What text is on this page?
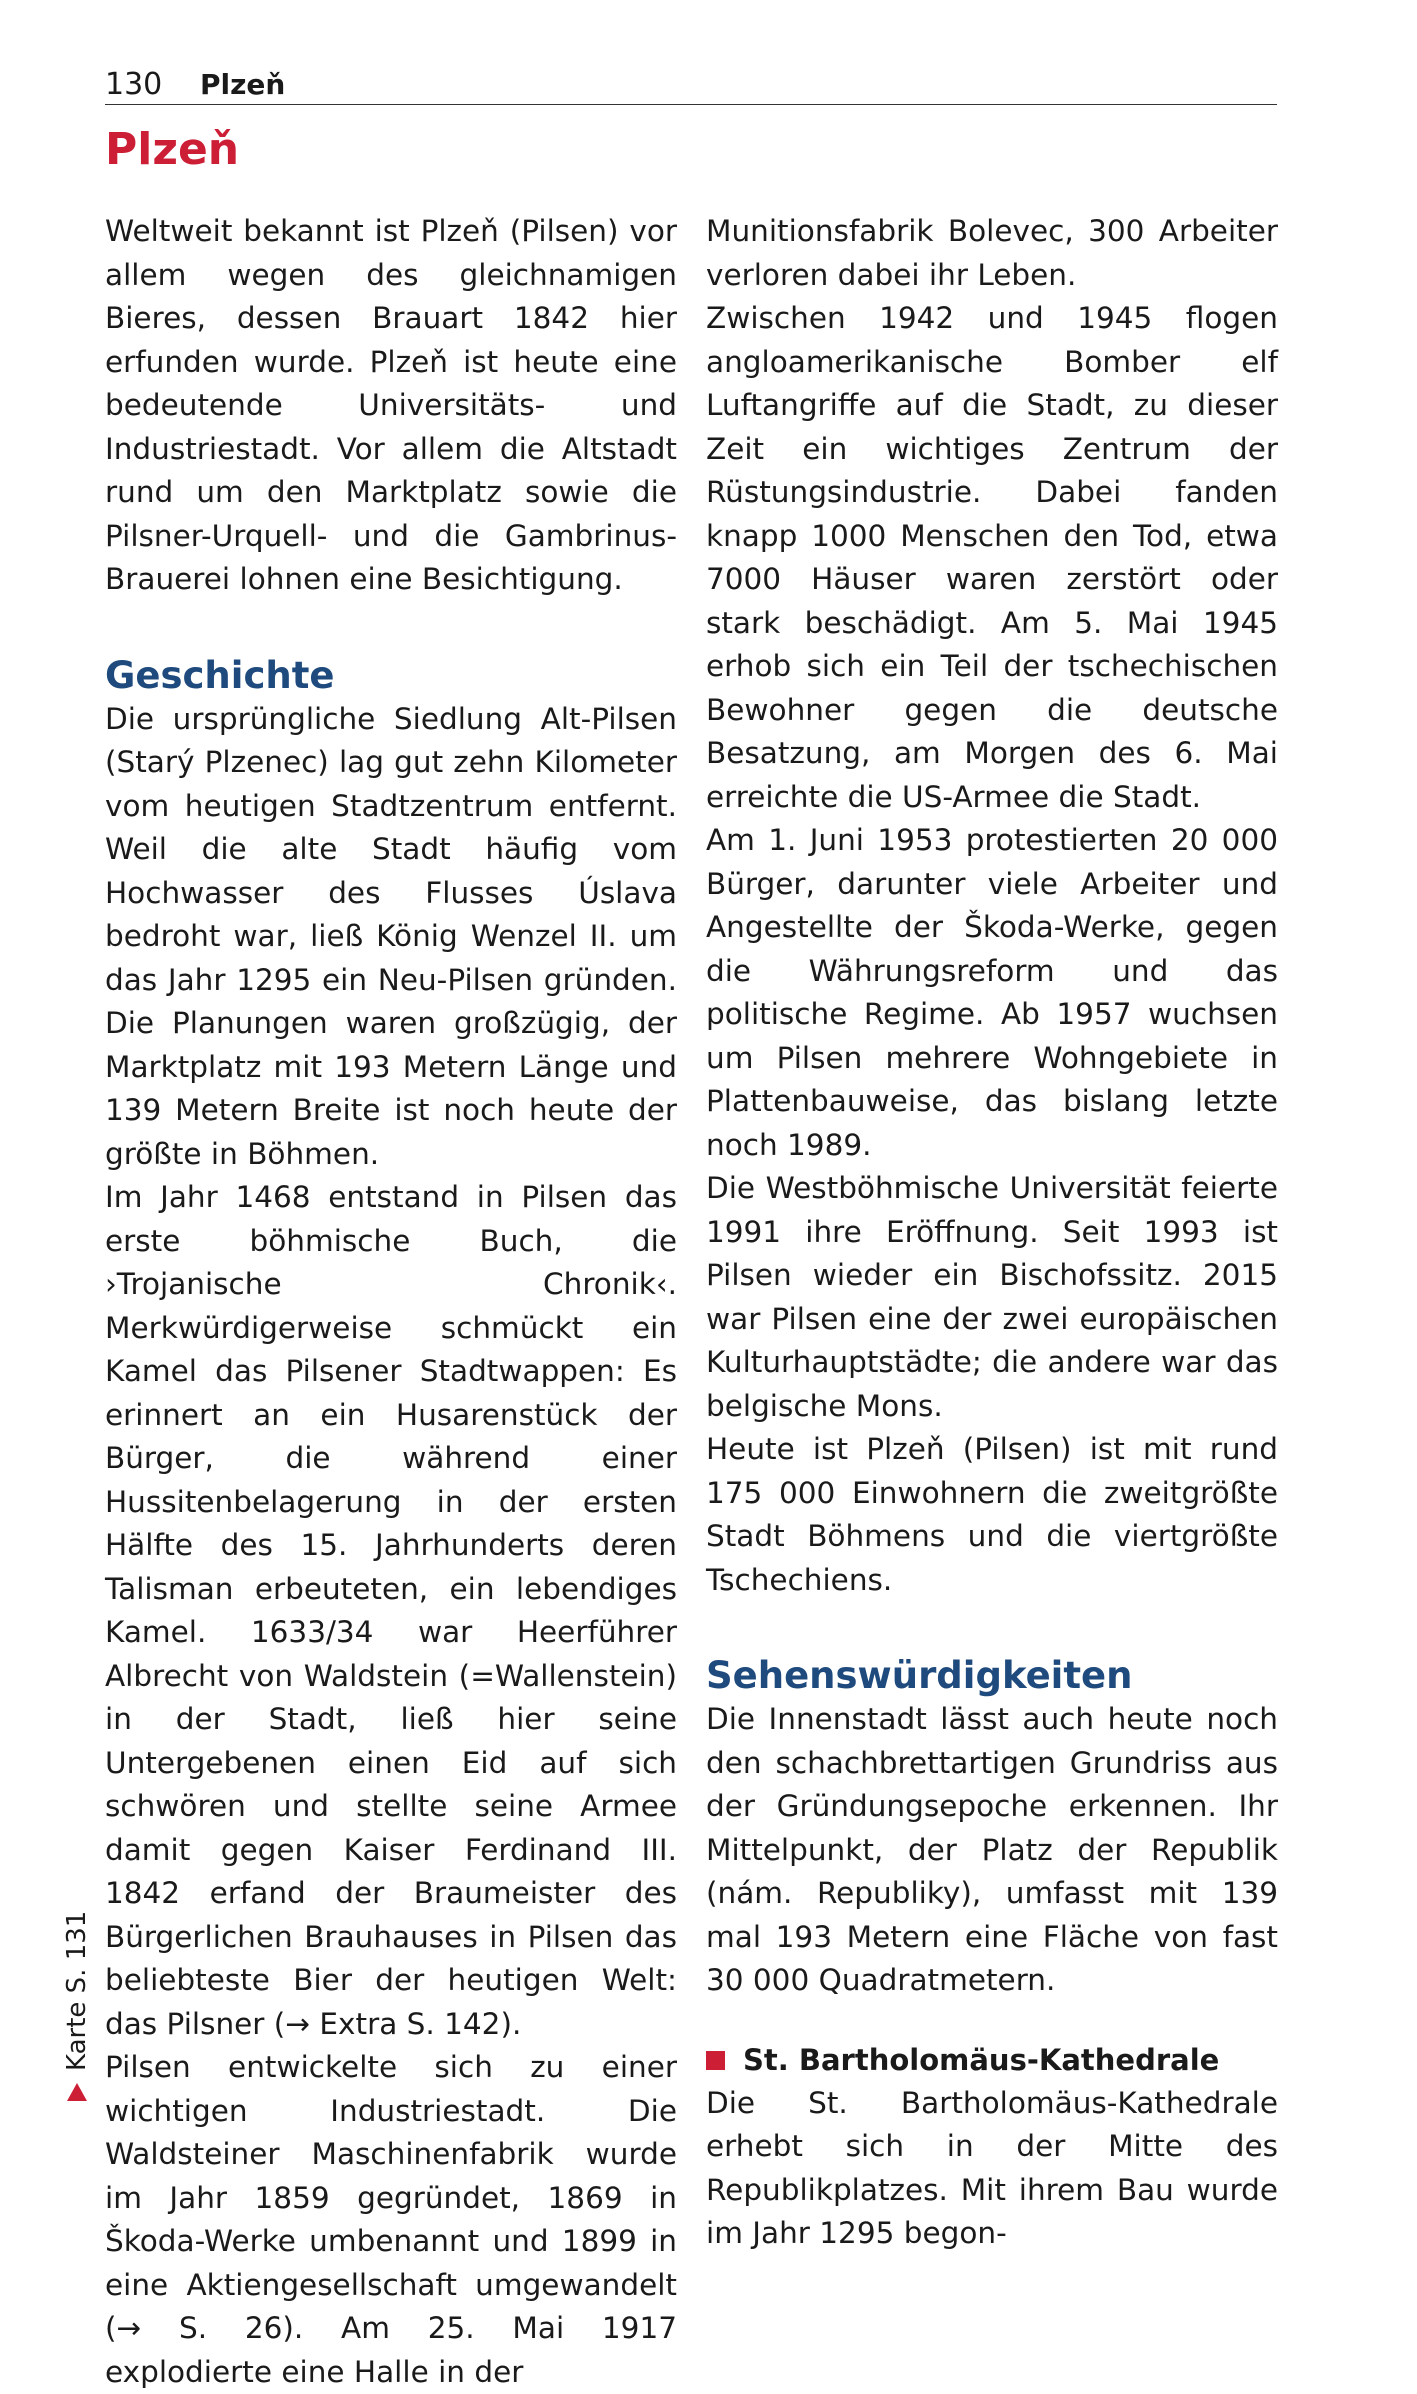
130 Plzeň
Plzeň

Weltweit bekannt ist Plzeň (Pilsen) vor allem wegen des gleichnamigen Bieres, dessen Brauart 1842 hier erfunden wurde. Plzeň ist heute eine bedeutende Universitäts- und Industriestadt. Vor allem die Altstadt rund um den Marktplatz sowie die Pilsner-Urquell- und die Gambrinus-Brauerei lohnen eine Besichtigung.

Geschichte

Die ursprüngliche Siedlung Alt-Pilsen (Starý Plzenec) lag gut zehn Kilometer vom heutigen Stadtzentrum entfernt. Weil die alte Stadt häufig vom Hochwasser des Flusses Úslava bedroht war, ließ König Wenzel II. um das Jahr 1295 ein Neu-Pilsen gründen. Die Planungen waren großzügig, der Marktplatz mit 193 Metern Länge und 139 Metern Breite ist noch heute der größte in Böhmen.

Im Jahr 1468 entstand in Pilsen das erste böhmische Buch, die ›Trojanische Chronik‹. Merkwürdigerweise schmückt ein Kamel das Pilsener Stadtwappen: Es erinnert an ein Husarenstück der Bürger, die während einer Hussitenbelagerung in der ersten Hälfte des 15. Jahrhunderts deren Talisman erbeuteten, ein lebendiges Kamel. 1633/34 war Heerführer Albrecht von Waldstein (=Wallenstein) in der Stadt, ließ hier seine Untergebenen einen Eid auf sich schwören und stellte seine Armee damit gegen Kaiser Ferdinand III. 1842 erfand der Braumeister des Bürgerlichen Brauhauses in Pilsen das beliebteste Bier der heutigen Welt: das Pilsner (→ Extra S. 142).

Pilsen entwickelte sich zu einer wichtigen Industriestadt. Die Waldsteiner Maschinenfabrik wurde im Jahr 1859 gegründet, 1869 in Škoda-Werke umbenannt und 1899 in eine Aktiengesellschaft umgewandelt (→ S. 26). Am 25. Mai 1917 explodierte eine Halle in der

Munitionsfabrik Bolevec, 300 Arbeiter verloren dabei ihr Leben.

Zwischen 1942 und 1945 flogen angloamerikanische Bomber elf Luftangriffe auf die Stadt, zu dieser Zeit ein wichtiges Zentrum der Rüstungsindustrie. Dabei fanden knapp 1000 Menschen den Tod, etwa 7000 Häuser waren zerstört oder stark beschädigt. Am 5. Mai 1945 erhob sich ein Teil der tschechischen Bewohner gegen die deutsche Besatzung, am Morgen des 6. Mai erreichte die US-Armee die Stadt.

Am 1. Juni 1953 protestierten 20 000 Bürger, darunter viele Arbeiter und Angestellte der Škoda-Werke, gegen die Währungsreform und das politische Regime. Ab 1957 wuchsen um Pilsen mehrere Wohngebiete in Plattenbauweise, das bislang letzte noch 1989.

Die Westböhmische Universität feierte 1991 ihre Eröffnung. Seit 1993 ist Pilsen wieder ein Bischofssitz. 2015 war Pilsen eine der zwei europäischen Kulturhauptstädte; die andere war das belgische Mons.

Heute ist Plzeň (Pilsen) ist mit rund 175 000 Einwohnern die zweitgrößte Stadt Böhmens und die viertgrößte Tschechiens.

Sehenswürdigkeiten

Die Innenstadt lässt auch heute noch den schachbrettartigen Grundriss aus der Gründungsepoche erkennen. Ihr Mittelpunkt, der Platz der Republik (nám. Republiky), umfasst mit 139 mal 193 Metern eine Fläche von fast 30 000 Quadratmetern.

St. Bartholomäus-Kathedrale

Die St. Bartholomäus-Kathedrale erhebt sich in der Mitte des Republikplatzes. Mit ihrem Bau wurde im Jahr 1295 begon-

Karte S. 131
